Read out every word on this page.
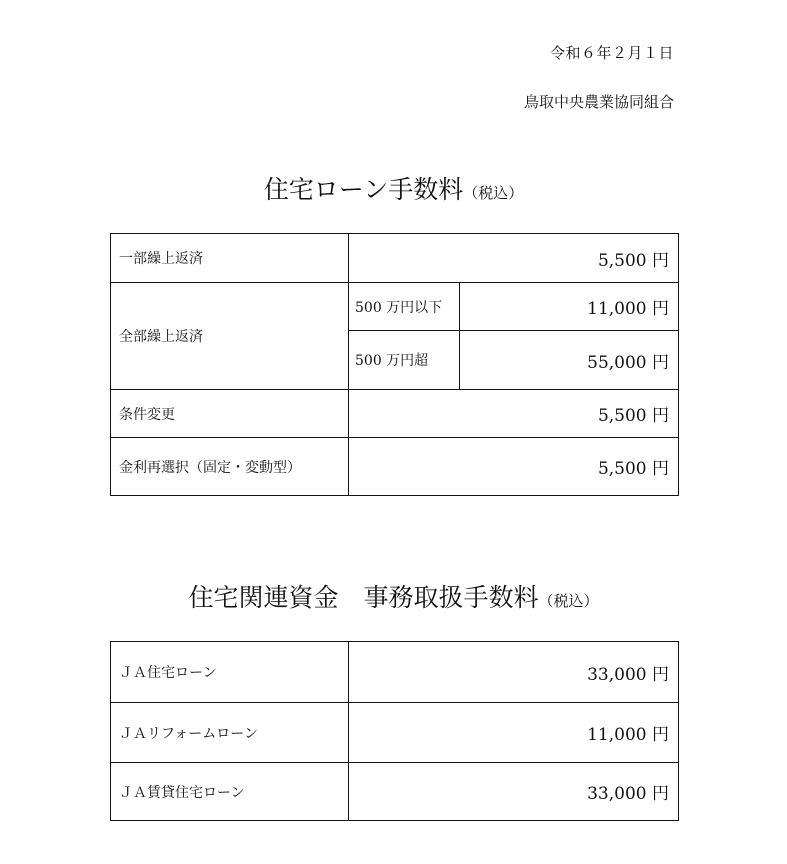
令和６年２月１日
鳥取中央農業協同組合
住宅ローン手数料（税込）
一部繰上返済	5,500 円	
全部繰上返済	500 万円以下	11,000 円
	500 万円超	55,000 円
条件変更	5,500 円	
金利再選択（固定・変動型）	5,500 円	
住宅関連資金　事務取扱手数料（税込）
ＪＡ住宅ローン	33,000 円
ＪＡリフォームローン	11,000 円
ＪＡ賃貸住宅ローン	33,000 円
